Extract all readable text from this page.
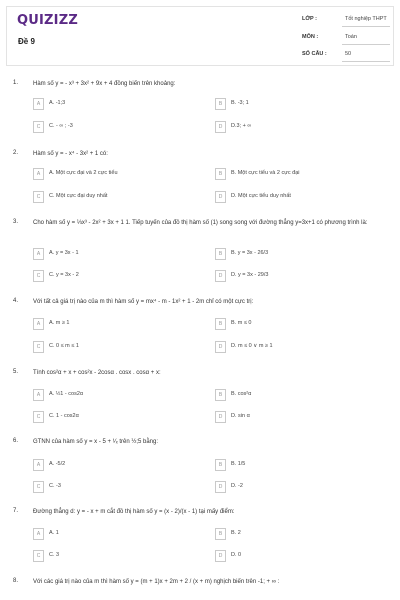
QUIZIZZ
Đề 9
LỚP :	Tốt nghiệp THPT
MÔN :	Toán
SỐ CÂU :	50
1. Hàm số y = - x³ + 3x² + 9x + 4 đồng biến trên khoảng:
A	A. -1;3	B	B. -3; 1
C	C. - ∞ ; -3	D	D.3; + ∞
2. Hàm số y = - x⁴ - 3x² + 1 có:
A	A. Một cực đại và 2 cực tiểu	B	B. Một cực tiểu và 2 cực đại
C	C. Một cực đại duy nhất	D	D. Một cực tiểu duy nhất
3. Cho hàm số y = ⅓x³ - 2x² + 3x + 1 1. Tiếp tuyến của đồ thị hàm số (1) song song với đường thẳng y=3x+1 có phương trình là:
A	A. y = 3x - 1	B	B. y = 3x - 26/3
C	C. y = 3x - 2	D	D. y = 3x - 29/3
4. Với tất cả giá trị nào của m thì hàm số y = mx⁴ - m - 1x² + 1 - 2m chỉ có một cực trị:
A	A. m ≥ 1	B	B. m ≤ 0
C	C. 0 ≤ m ≤ 1	D	D. m ≤ 0 ∨ m ≥ 1
5. Tính cos²α + x + cos²x - 2cosα . cosx . cosα + x:
A	A. ½1 - cos2α	B	B. cos²α
C	C. 1 - cos2α	D	D. sin α
6. GTNN của hàm số y = x - 5 + ¹⁄ₓ trên ½;5 bằng:
A	A. -5/2	B	B. 1/5
C	C. -3	D	D. -2
7. Đường thẳng d: y = - x + m cắt đồ thị hàm số y = (x - 2)/(x - 1) tại mấy điểm:
A	A. 1	B	B. 2
C	C. 3	D	D. 0
8. Với các giá trị nào của m thì hàm số y = (m + 1)x + 2m + 2 / (x + m) nghịch biến trên -1; + ∞ :
